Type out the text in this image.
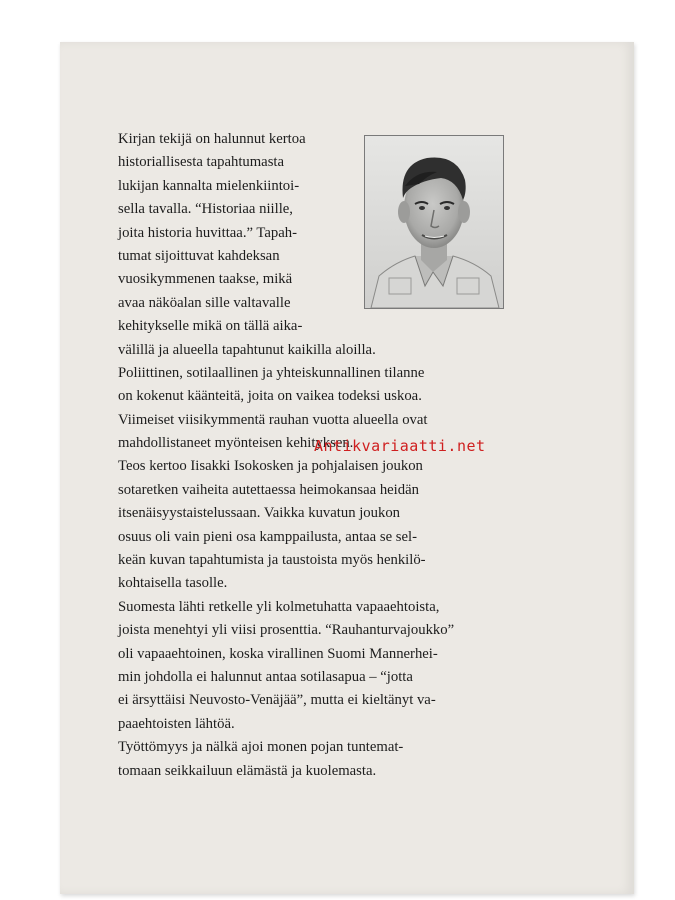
Kirjan tekijä on halunnut kertoa
historiallisesta tapahtumasta
lukijan kannalta mielenkiintoi-
sella tavalla. “Historiaa niille,
joita historia huvittaa.” Tapah-
tumat sijoittuvat kahdeksan
vuosikymmenen taakse, mikä
avaa näköalan sille valtavalle
kehitykselle mikä on tällä aika-
välillä ja alueella tapahtunut kaikilla aloilla.
Poliittinen, sotilaallinen ja yhteiskunnallinen tilanne
on kokenut käänteitä, joita on vaikea todeksi uskoa.
Viimeiset viisikymmentä rauhan vuotta alueella ovat
mahdollistaneet myönteisen kehityksen.
Teos kertoo Iisakki Isokosken ja pohjalaisen joukon
sotaretken vaiheita autettaessa heimokansaa heidän
itsenäisyystaistelussaan. Vaikka kuvatun joukon
osuus oli vain pieni osa kamppailusta, antaa se sel-
keän kuvan tapahtumista ja taustoista myös henkilö-
kohtaisella tasolle.
Suomesta lähti retkelle yli kolmetuhatta vapaaehtoista,
joista menehtyi yli viisi prosenttia. “Rauhanturvajoukko”
oli vapaaehtoinen, koska virallinen Suomi Mannerhei-
min johdolla ei halunnut antaa sotilasapua – “jotta
ei ärsyttäisi Neuvosto-Venäjää”, mutta ei kieltänyt va-
paaehtoisten lähtöä.
Työttömyys ja nälkä ajoi monen pojan tuntemat-
tomaan seikkailuun elämästä ja kuolemasta.
Antikvariaatti.net
